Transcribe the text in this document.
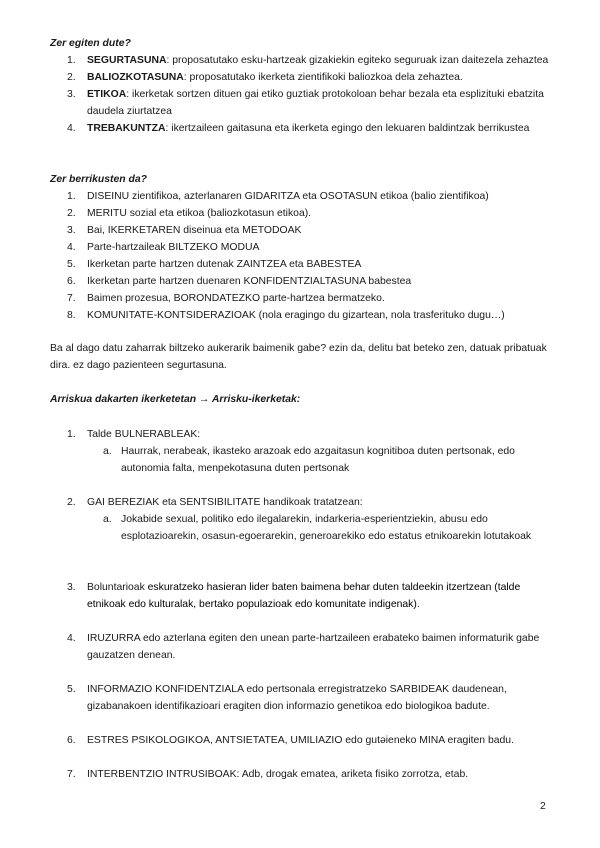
Zer egiten dute?
1.	SEGURTASUNA: proposatutako esku-hartzeak gizakiekin egiteko seguruak izan daitezela zehaztea
2.	BALIOZKOTASUNA: proposatutako ikerketa zientifikoki baliozkoa dela zehaztea.
3.	ETIKOA: ikerketak sortzen dituen gai etiko guztiak protokoloan behar bezala eta esplizituki ebatzita daudela ziurtatzea
4.	TREBAKUNTZA: ikertzaileen gaitasuna eta ikerketa egingo den lekuaren baldintzak berrikustea
Zer berrikusten da?
1.	DISEINU zientifikoa, azterlanaren GIDARITZA eta OSOTASUN etikoa (balio zientifikoa)
2.	MERITU sozial eta etikoa (baliozkotasun etikoa).
3.	Bai, IKERKETAREN diseinua eta METODOAK
4.	Parte-hartzaileak BILTZEKO MODUA
5.	Ikerketan parte hartzen dutenak ZAINTZEA eta BABESTEA
6.	Ikerketan parte hartzen duenaren KONFIDENTZIALTASUNA babestea
7.	Baimen prozesua, BORONDATEZKO parte-hartzea bermatzeko.
8.	KOMUNITATE-KONTSIDERAZIOAK (nola eragingo du gizartean, nola trasferituko dugu…)
Ba al dago datu zaharrak biltzeko aukerarik baimenik gabe? ezin da, delitu bat beteko zen, datuak pribatuak dira. ez dago pazienteen segurtasuna.
Arriskua dakarten ikerketetan → Arrisku-ikerketak:
1.	Talde BULNERABLEAK:
a. Haurrak, nerabeak, ikasteko arazoak edo azgaitasun kognitiboa duten pertsonak, edo autonomia falta, menpekotasuna duten pertsonak
2.	GAI BEREZIAK eta SENTSIBILITATE handikoak tratatzean:
a. Jokabide sexual, politiko edo ilegalarekin, indarkeria-esperientziekin, abusu edo esplotazioarekin, osasun-egoerarekin, generoarekiko edo estatus etnikoarekin lotutakoak
3.	Boluntarioak eskuratzeko hasieran lider baten baimena behar duten taldeekin itzertzean (talde etnikoak edo kulturalak, bertako populazioak edo komunitate indigenak).
4.	IRUZURRA edo azterlana egiten den unean parte-hartzaileen erabateko baimen informaturik gabe gauzatzen denean.
5.	INFORMAZIO KONFIDENTZIALA edo pertsonala erregistratzeko SARBIDEAK daudenean, gizabanakoen identifikazioari eragiten dion informazio genetikoa edo biologikoa badute.
6.	ESTRES PSIKOLOGIKOA, ANTSIETATEA, UMILIAZIO edo gutǝieneko MINA eragiten badu.
7.	INTERBENTZIO INTRUSIBOAK: Adb, drogak ematea, ariketa fisiko zorrotza, etab.
2
